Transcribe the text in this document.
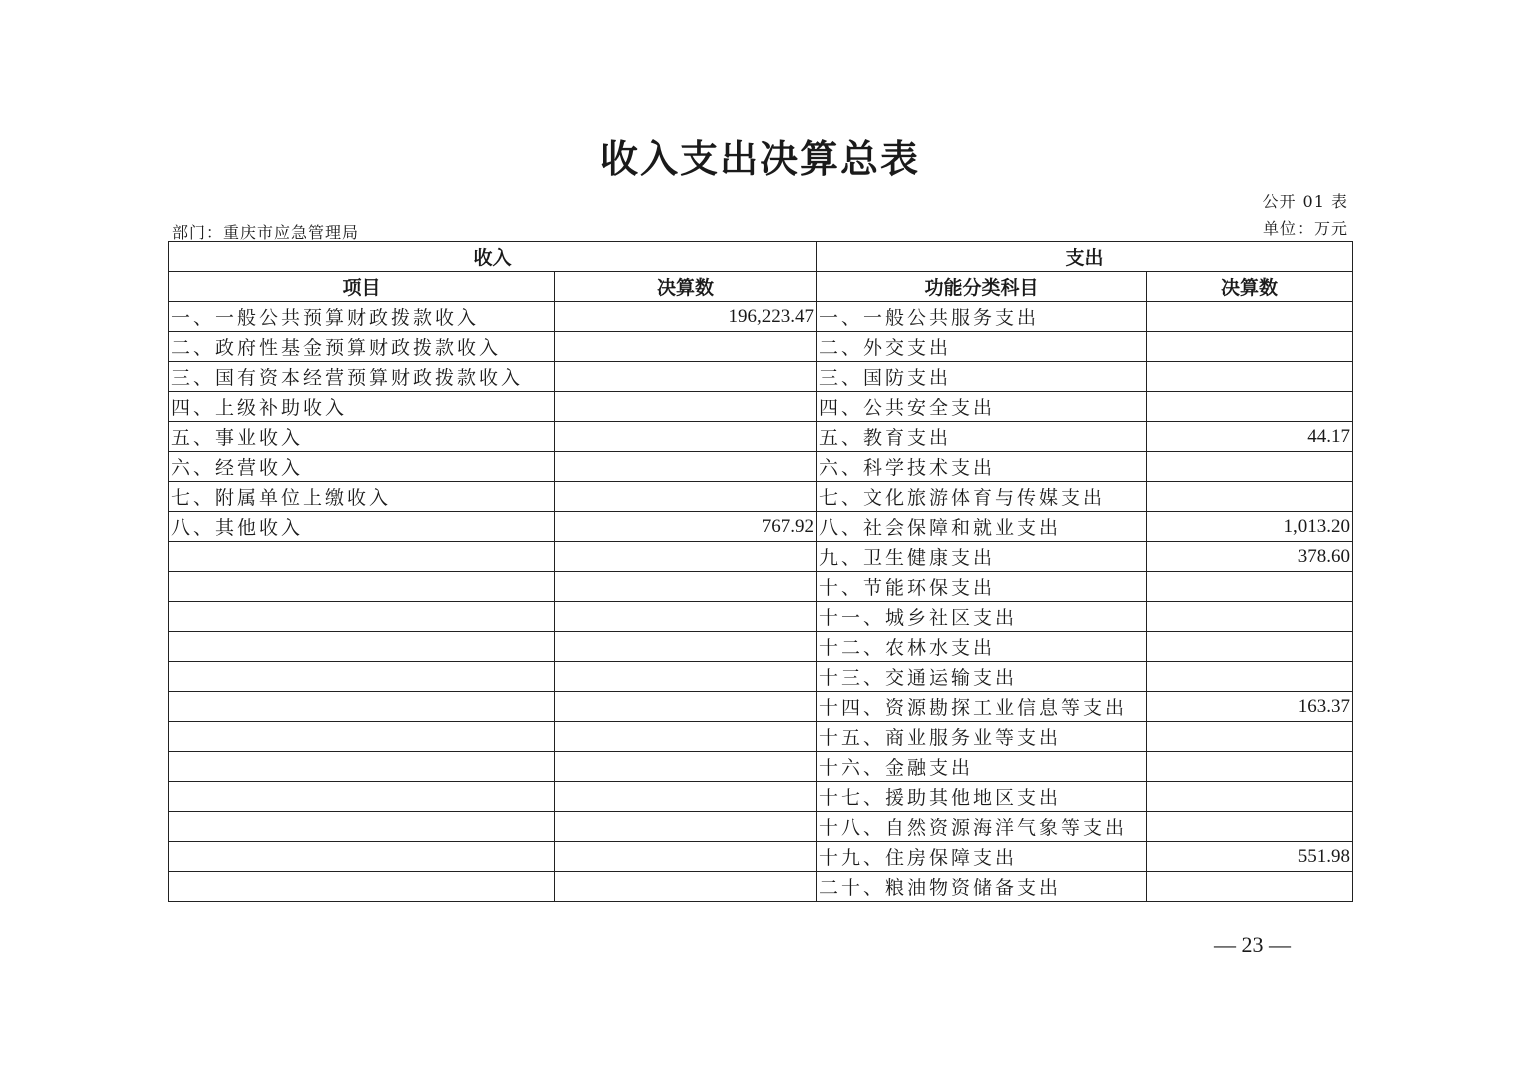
收入支出决算总表
公开 01 表
单位：万元
部门：重庆市应急管理局
收入		支出	
项目	决算数	功能分类科目	决算数
一、一般公共预算财政拨款收入	196,223.47	一、一般公共服务支出	
二、政府性基金预算财政拨款收入		二、外交支出	
三、国有资本经营预算财政拨款收入		三、国防支出	
四、上级补助收入		四、公共安全支出	
五、事业收入		五、教育支出	44.17
六、经营收入		六、科学技术支出	
七、附属单位上缴收入		七、文化旅游体育与传媒支出	
八、其他收入	767.92	八、社会保障和就业支出	1,013.20
		九、卫生健康支出	378.60
		十、节能环保支出	
		十一、城乡社区支出	
		十二、农林水支出	
		十三、交通运输支出	
		十四、资源勘探工业信息等支出	163.37
		十五、商业服务业等支出	
		十六、金融支出	
		十七、援助其他地区支出	
		十八、自然资源海洋气象等支出	
		十九、住房保障支出	551.98
		二十、粮油物资储备支出	
— 23 —
